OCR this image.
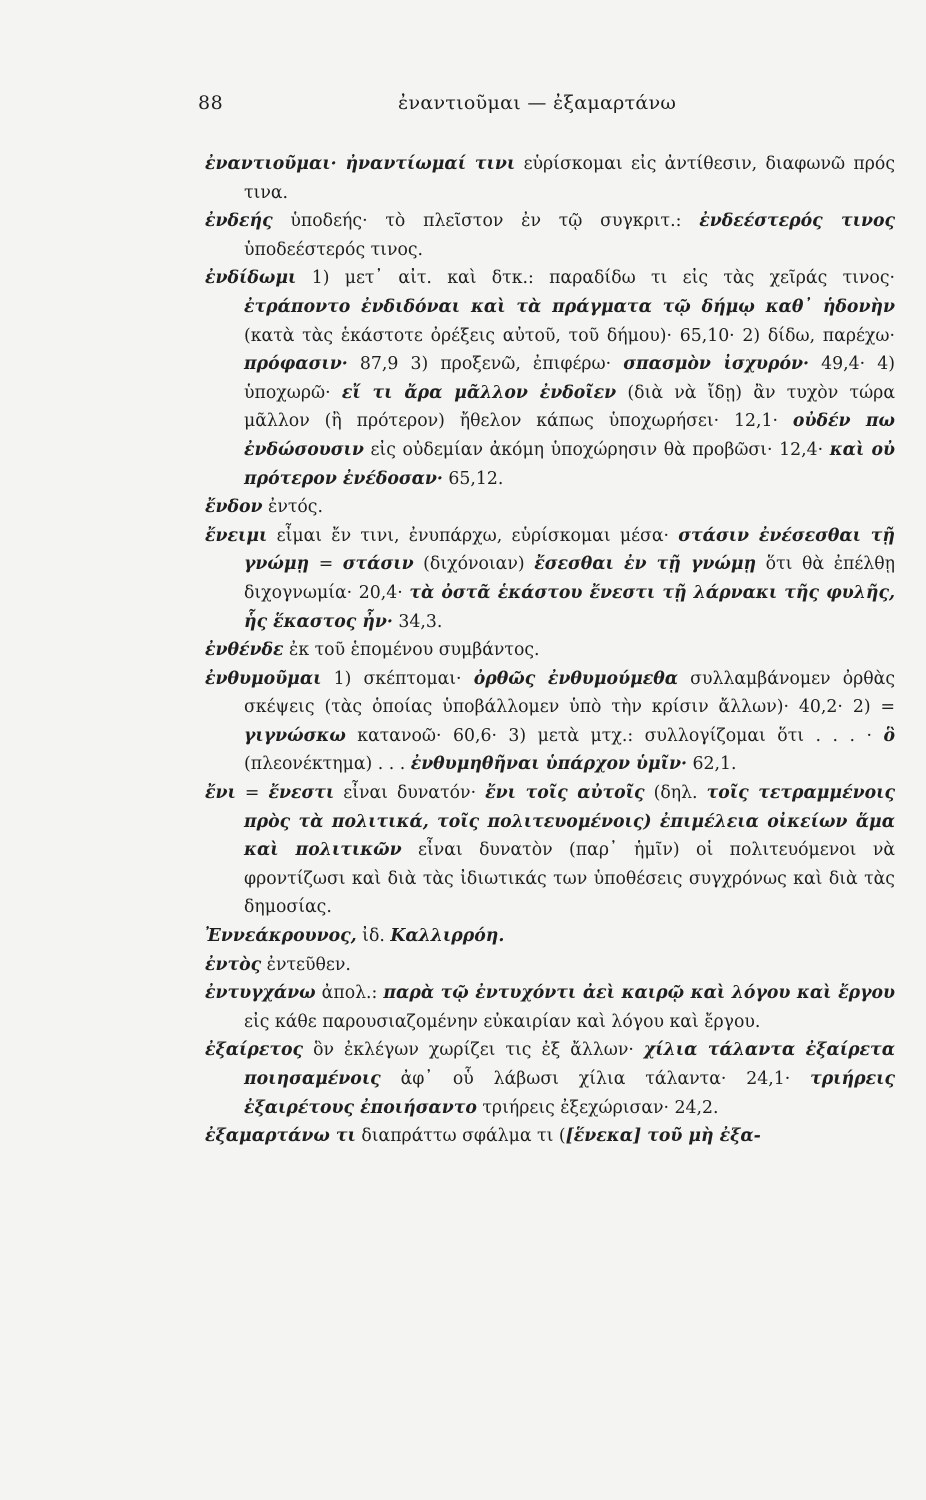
88	ἐναντιοῦμαι — ἐξαμαρτάνω

ἐναντιοῦμαι· ἠναντίωμαί τινι εὑρίσκομαι εἰς ἀντίθεσιν, διαφωνῶ πρός τινα.

ἐνδεής ὑποδεής· τὸ πλεῖστον ἐν τῷ συγκριτ.: ἐνδεέστερός τινος ὑποδεέστερός τινος.

ἐνδίδωμι 1) μετ᾽ αἰτ. καὶ δτκ.: παραδίδω τι εἰς τὰς χεῖράς τινος· ἐτράποντο ἐνδιδόναι καὶ τὰ πράγματα τῷ δήμῳ καθ᾽ ἡδονὴν (κατὰ τὰς ἑκάστοτε ὀρέξεις αὐτοῦ, τοῦ δήμου)· 65,10· 2) δίδω, παρέχω· πρόφασιν· 87,9 3) προξενῶ, ἐπιφέρω· σπασμὸν ἰσχυρόν· 49,4· 4) ὑποχωρῶ· εἴ τι ἄρα μᾶλλον ἐνδοῖεν (διὰ νὰ ἴδῃ) ἂν τυχὸν τώρα μᾶλλον (ἢ πρότερον) ἤθελον κάπως ὑποχωρήσει· 12,1· οὐδέν πω ἐνδώσουσιν εἰς οὐδεμίαν ἀκόμη ὑποχώρησιν θὰ προβῶσι· 12,4· καὶ οὐ πρότερον ἐνέδοσαν· 65,12.

ἔνδον ἐντός.

ἔνειμι εἶμαι ἔν τινι, ἐνυπάρχω, εὑρίσκομαι μέσα· στάσιν ἐνέσεσθαι τῇ γνώμῃ = στάσιν (διχόνοιαν) ἔσεσθαι ἐν τῇ γνώμῃ ὅτι θὰ ἐπέλθῃ διχογνωμία· 20,4· τὰ ὀστᾶ ἑκάστου ἔνεστι τῇ λάρνακι τῆς φυλῆς, ἧς ἕκαστος ἦν· 34,3.

ἐνθένδε ἐκ τοῦ ἑπομένου συμβάντος.

ἐνθυμοῦμαι 1) σκέπτομαι· ὀρθῶς ἐνθυμούμεθα συλλαμβάνομεν ὀρθὰς σκέψεις (τὰς ὁποίας ὑποβάλλομεν ὑπὸ τὴν κρίσιν ἄλλων)· 40,2· 2) = γιγνώσκω κατανοῶ· 60,6· 3) μετὰ μτχ.: συλλογίζομαι ὅτι . . . · ὃ (πλεονέκτημα) . . . ἐνθυμηθῆναι ὑπάρχον ὑμῖν· 62,1.

ἔνι = ἔνεστι εἶναι δυνατόν· ἔνι τοῖς αὐτοῖς (δηλ. τοῖς τετραμμένοις πρὸς τὰ πολιτικά, τοῖς πολιτευομένοις) ἐπιμέλεια οἰκείων ἅμα καὶ πολιτικῶν εἶναι δυνατὸν (παρ᾽ ἡμῖν) οἱ πολιτευόμενοι νὰ φροντίζωσι καὶ διὰ τὰς ἰδιωτικάς των ὑποθέσεις συγχρόνως καὶ διὰ τὰς δημοσίας.

Ἐννεάκρουνος, ἰδ. Καλλιρρόη.

ἐντὸς ἐντεῦθεν.

ἐντυγχάνω ἀπολ.: παρὰ τῷ ἐντυχόντι ἀεὶ καιρῷ καὶ λόγου καὶ ἔργου εἰς κάθε παρουσιαζομένην εὐκαιρίαν καὶ λόγου καὶ ἔργου.

ἐξαίρετος ὃν ἐκλέγων χωρίζει τις ἐξ ἄλλων· χίλια τάλαντα ἐξαίρετα ποιησαμένοις ἀφ᾽ οὗ λάβωσι χίλια τάλαντα· 24,1· τριήρεις ἐξαιρέτους ἐποιήσαντο τριήρεις ἐξεχώρισαν· 24,2.

ἐξαμαρτάνω τι διαπράττω σφάλμα τι ([ἕνεκα] τοῦ μὴ ἐξα-
